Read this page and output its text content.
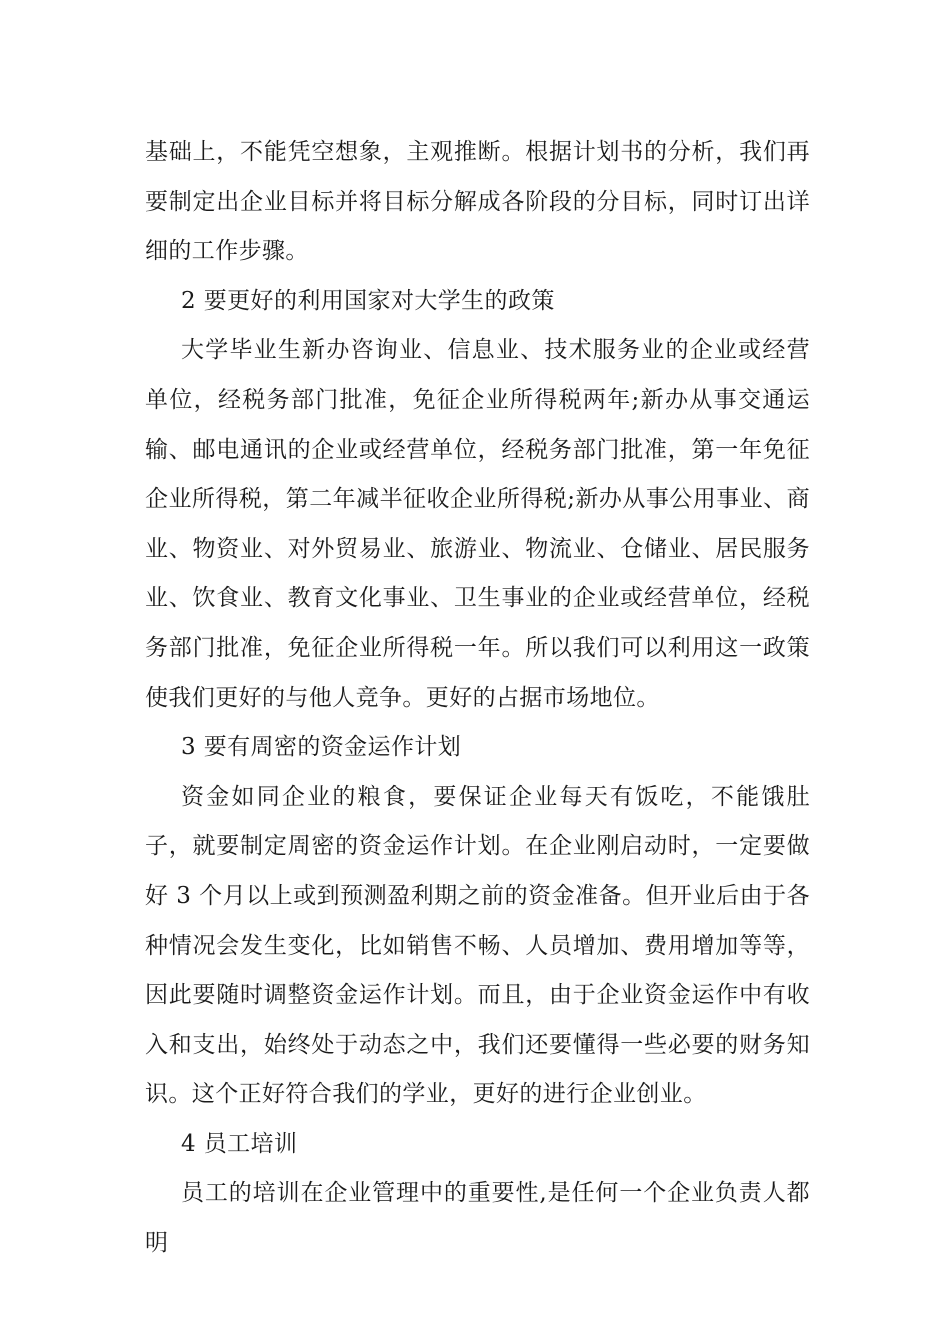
基础上，不能凭空想象，主观推断。根据计划书的分析，我们再要制定出企业目标并将目标分解成各阶段的分目标，同时订出详细的工作步骤。

2 要更好的利用国家对大学生的政策

大学毕业生新办咨询业、信息业、技术服务业的企业或经营单位，经税务部门批准，免征企业所得税两年;新办从事交通运输、邮电通讯的企业或经营单位，经税务部门批准，第一年免征企业所得税，第二年减半征收企业所得税;新办从事公用事业、商业、物资业、对外贸易业、旅游业、物流业、仓储业、居民服务业、饮食业、教育文化事业、卫生事业的企业或经营单位，经税务部门批准，免征企业所得税一年。所以我们可以利用这一政策使我们更好的与他人竞争。更好的占据市场地位。

3 要有周密的资金运作计划

资金如同企业的粮食，要保证企业每天有饭吃，不能饿肚子，就要制定周密的资金运作计划。在企业刚启动时，一定要做好 3 个月以上或到预测盈利期之前的资金准备。但开业后由于各种情况会发生变化，比如销售不畅、人员增加、费用增加等等，因此要随时调整资金运作计划。而且，由于企业资金运作中有收入和支出，始终处于动态之中，我们还要懂得一些必要的财务知识。这个正好符合我们的学业，更好的进行企业创业。

4 员工培训

员工的培训在企业管理中的重要性,是任何一个企业负责人都明
